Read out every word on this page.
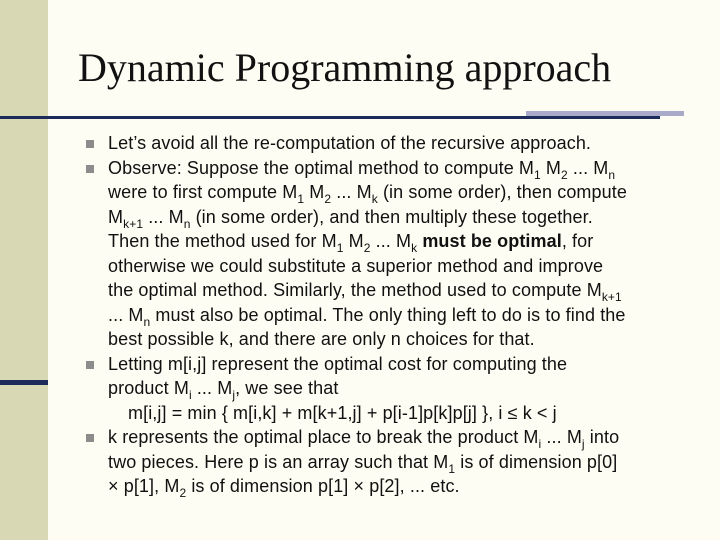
Dynamic Programming approach
Let’s avoid all the re-computation of the recursive approach.
Observe: Suppose the optimal method to compute $M_1$ $M_2$ ... $M_n$
were to first compute $M_1$ $M_2$ ... $M_k$ (in some order), then compute
$M_{k+1}$ ... $M_n$ (in some order), and then multiply these together.
Then the method used for $M_1$ $M_2$ ... $M_k$ must be optimal, for
otherwise we could substitute a superior method and improve
the optimal method. Similarly, the method used to compute $M_{k+1}$
... $M_n$ must also be optimal. The only thing left to do is to find the
best possible k, and there are only n choices for that.
Letting m[i,j] represent the optimal cost for computing the
product $M_i$ ... $M_j$, we see that
m[i,j] = min { m[i,k] + m[k+1,j] + p[i-1]p[k]p[j] }, i ≤ k < j
k represents the optimal place to break the product $M_i$ ... $M_j$ into
two pieces. Here p is an array such that $M_1$ is of dimension p[0]
× p[1], $M_2$ is of dimension p[1] × p[2], ... etc.
